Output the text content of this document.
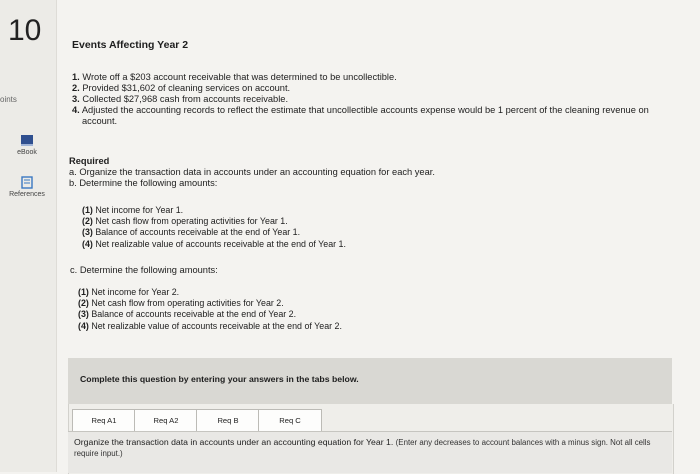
10
oints
eBook
References
Events Affecting Year 2
1. Wrote off a $203 account receivable that was determined to be uncollectible.
2. Provided $31,602 of cleaning services on account.
3. Collected $27,968 cash from accounts receivable.
4. Adjusted the accounting records to reflect the estimate that uncollectible accounts expense would be 1 percent of the cleaning revenue on account.
Required
a. Organize the transaction data in accounts under an accounting equation for each year.
b. Determine the following amounts:
(1) Net income for Year 1.
(2) Net cash flow from operating activities for Year 1.
(3) Balance of accounts receivable at the end of Year 1.
(4) Net realizable value of accounts receivable at the end of Year 1.
c. Determine the following amounts:
(1) Net income for Year 2.
(2) Net cash flow from operating activities for Year 2.
(3) Balance of accounts receivable at the end of Year 2.
(4) Net realizable value of accounts receivable at the end of Year 2.
Complete this question by entering your answers in the tabs below.
Req A1	Req A2	Req B	Req C

Organize the transaction data in accounts under an accounting equation for Year 1. (Enter any decreases to account balances with a minus sign. Not all cells require input.)
